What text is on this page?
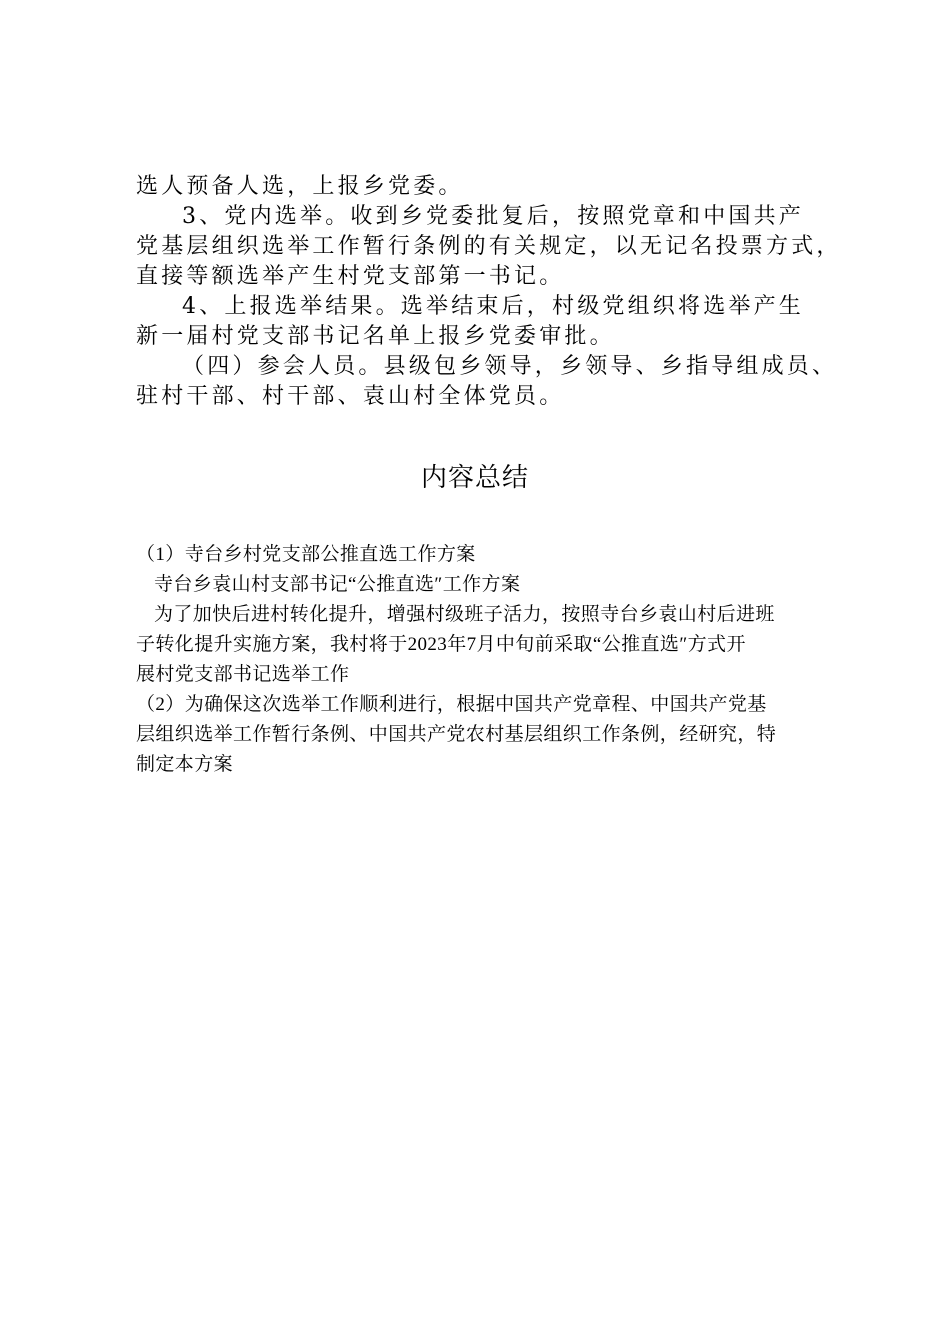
选人预备人选，上报乡党委。
3、党内选举。收到乡党委批复后，按照党章和中国共产
党基层组织选举工作暂行条例的有关规定，以无记名投票方式，
直接等额选举产生村党支部第一书记。
4、上报选举结果。选举结束后，村级党组织将选举产生
新一届村党支部书记名单上报乡党委审批。
（四）参会人员。县级包乡领导，乡领导、乡指导组成员、
驻村干部、村干部、袁山村全体党员。
内容总结
（1）寺台乡村党支部公推直选工作方案
寺台乡袁山村支部书记“公推直选″工作方案
为了加快后进村转化提升，增强村级班子活力，按照寺台乡袁山村后进班
子转化提升实施方案，我村将于2023年7月中旬前采取“公推直选″方式开
展村党支部书记选举工作
（2）为确保这次选举工作顺利进行，根据中国共产党章程、中国共产党基
层组织选举工作暂行条例、中国共产党农村基层组织工作条例，经研究，特
制定本方案
